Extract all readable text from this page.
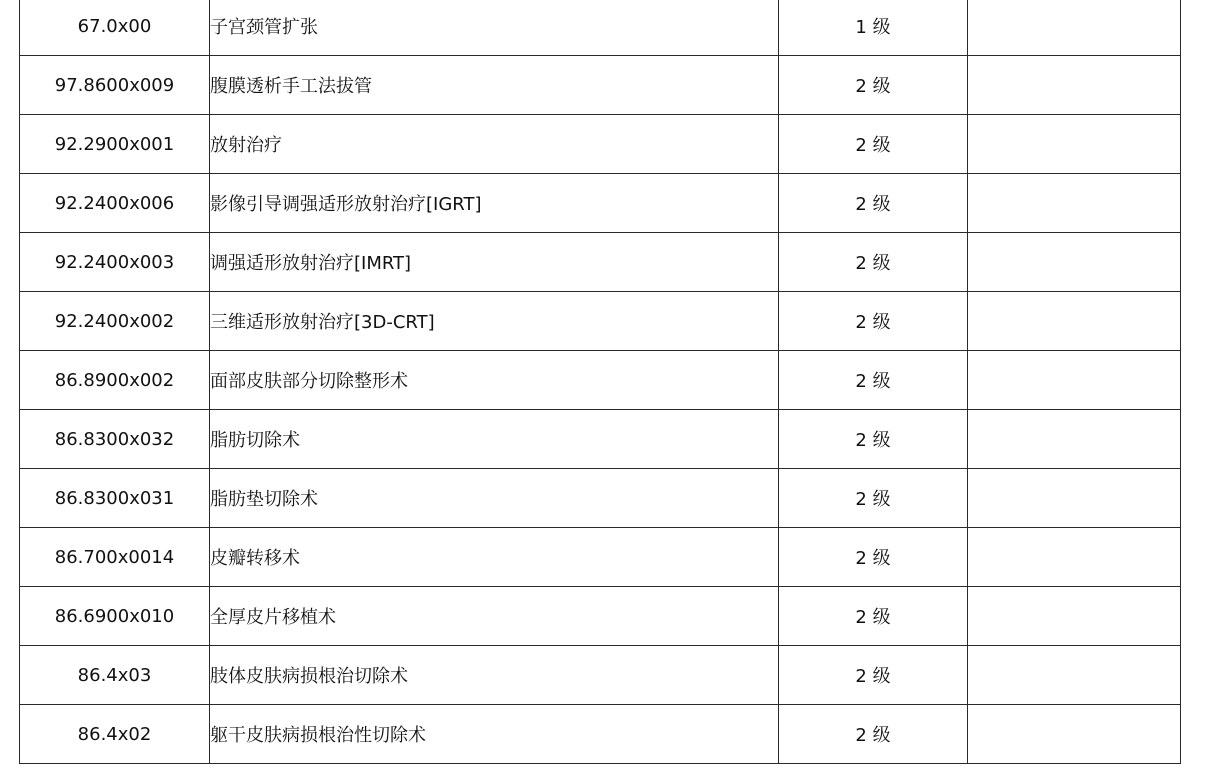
67.0x00	子宫颈管扩张	1 级	
97.8600x009	腹膜透析手工法拔管	2 级	
92.2900x001	放射治疗	2 级	
92.2400x006	影像引导调强适形放射治疗[IGRT]	2 级	
92.2400x003	调强适形放射治疗[IMRT]	2 级	
92.2400x002	三维适形放射治疗[3D-CRT]	2 级	
86.8900x002	面部皮肤部分切除整形术	2 级	
86.8300x032	脂肪切除术	2 级	
86.8300x031	脂肪垫切除术	2 级	
86.700x0014	皮瓣转移术	2 级	
86.6900x010	全厚皮片移植术	2 级	
86.4x03	肢体皮肤病损根治切除术	2 级	
86.4x02	躯干皮肤病损根治性切除术	2 级	
